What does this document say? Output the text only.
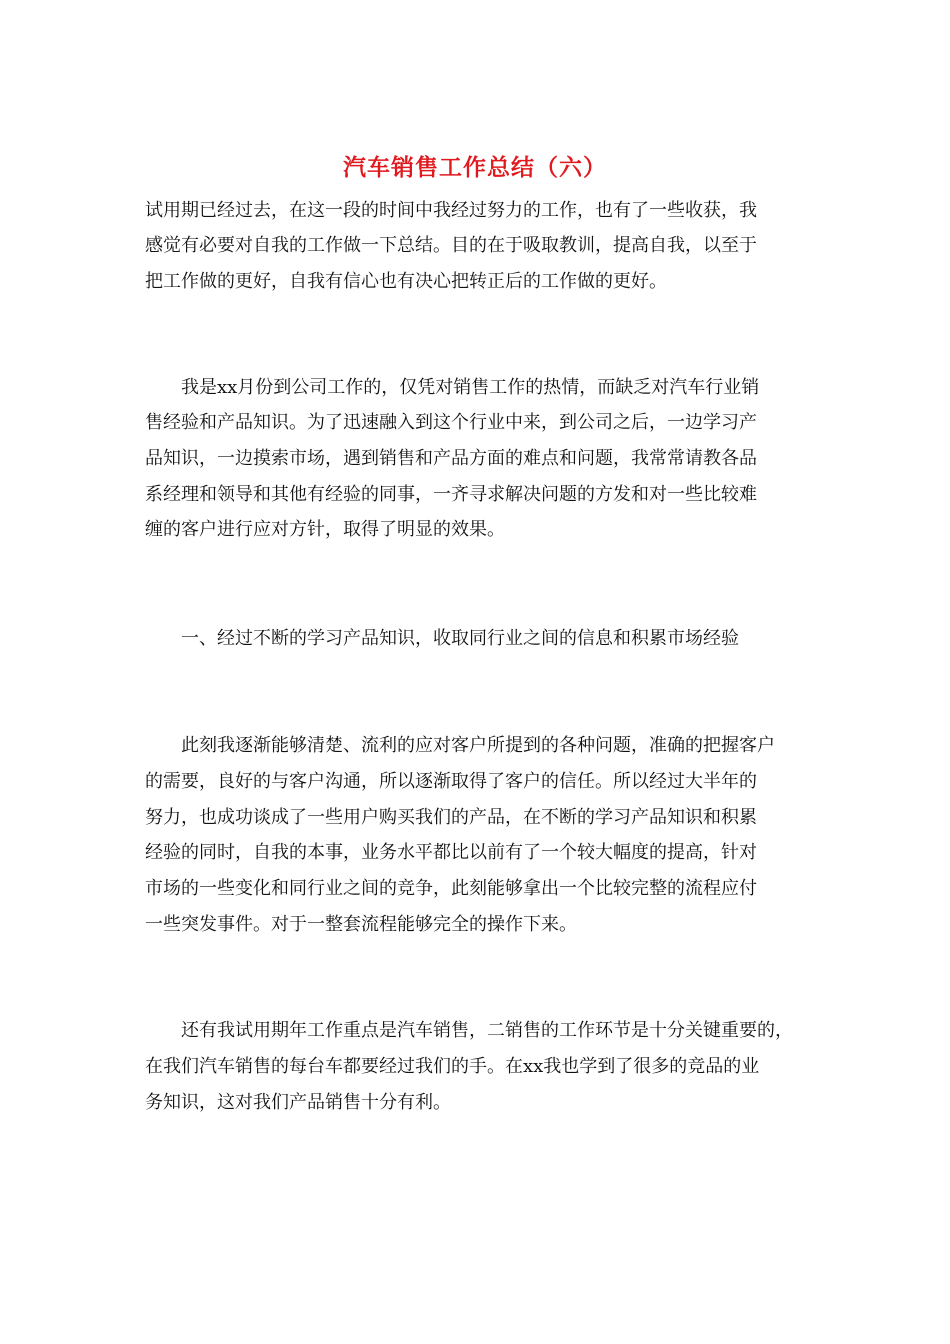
汽车销售工作总结（六）
试用期已经过去，在这一段的时间中我经过努力的工作，也有了一些收获，我
感觉有必要对自我的工作做一下总结。目的在于吸取教训，提高自我，以至于
把工作做的更好，自我有信心也有决心把转正后的工作做的更好。
　　我是xx月份到公司工作的，仅凭对销售工作的热情，而缺乏对汽车行业销
售经验和产品知识。为了迅速融入到这个行业中来，到公司之后，一边学习产
品知识，一边摸索市场，遇到销售和产品方面的难点和问题，我常常请教各品
系经理和领导和其他有经验的同事，一齐寻求解决问题的方发和对一些比较难
缠的客户进行应对方针，取得了明显的效果。
　　一、经过不断的学习产品知识，收取同行业之间的信息和积累市场经验
　　此刻我逐渐能够清楚、流利的应对客户所提到的各种问题，准确的把握客户
的需要，良好的与客户沟通，所以逐渐取得了客户的信任。所以经过大半年的
努力，也成功谈成了一些用户购买我们的产品，在不断的学习产品知识和积累
经验的同时，自我的本事，业务水平都比以前有了一个较大幅度的提高，针对
市场的一些变化和同行业之间的竞争，此刻能够拿出一个比较完整的流程应付
一些突发事件。对于一整套流程能够完全的操作下来。
　　还有我试用期年工作重点是汽车销售，二销售的工作环节是十分关键重要的，
在我们汽车销售的每台车都要经过我们的手。在xx我也学到了很多的竞品的业
务知识，这对我们产品销售十分有利。
